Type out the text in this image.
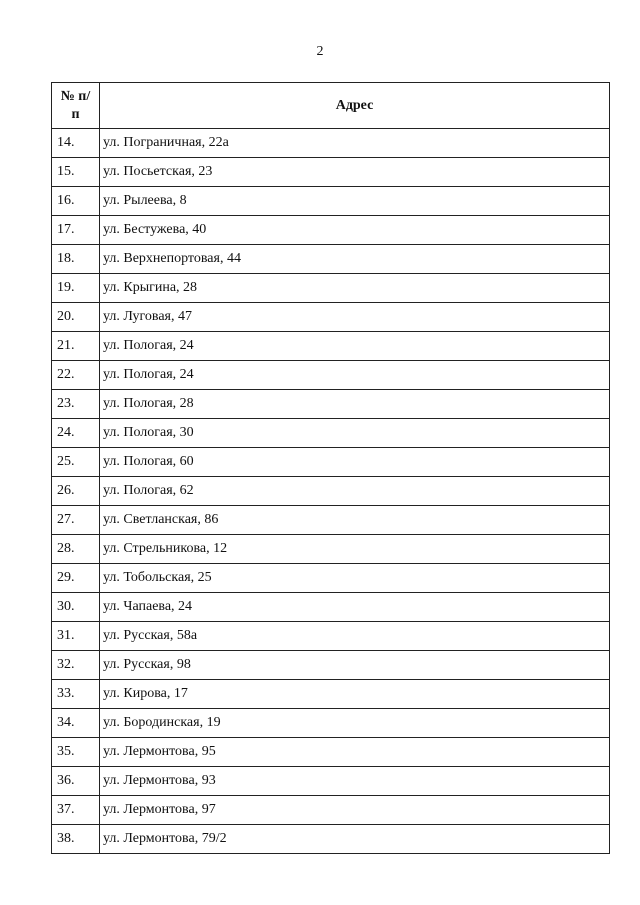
2
№ п/
п	Адрес
14.	ул. Пограничная, 22а
15.	ул. Посьетская, 23
16.	ул. Рылеева, 8
17.	ул. Бестужева, 40
18.	ул. Верхнепортовая, 44
19.	ул. Крыгина, 28
20.	ул. Луговая, 47
21.	ул. Пологая, 24
22.	ул. Пологая, 24
23.	ул. Пологая, 28
24.	ул. Пологая, 30
25.	ул. Пологая, 60
26.	ул. Пологая, 62
27.	ул. Светланская, 86
28.	ул. Стрельникова, 12
29.	ул. Тобольская, 25
30.	ул. Чапаева, 24
31.	ул. Русская, 58а
32.	ул. Русская, 98
33.	ул. Кирова, 17
34.	ул. Бородинская, 19
35.	ул. Лермонтова, 95
36.	ул. Лермонтова, 93
37.	ул. Лермонтова, 97
38.	ул. Лермонтова, 79/2
